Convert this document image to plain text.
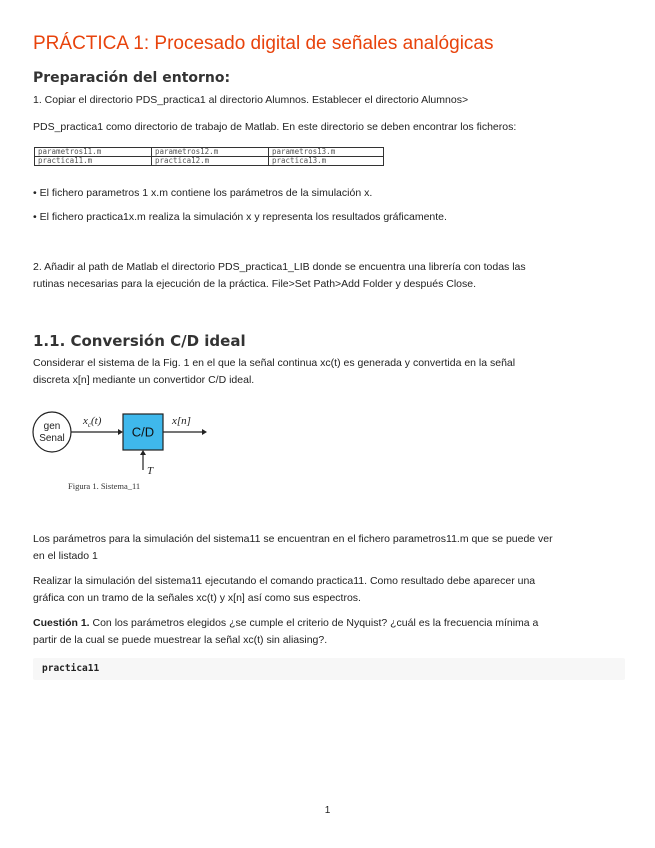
PRÁCTICA 1: Procesado digital de señales analógicas
Preparación del entorno:
1. Copiar el directorio PDS_practica1 al directorio Alumnos. Establecer el directorio Alumnos>
PDS_practica1 como directorio de trabajo de Matlab. En este directorio se deben encontrar los ficheros:
parametros11.m	parametros12.m	parametros13.m
practica11.m	practica12.m	practica13.m
• El fichero parametros 1 x.m contiene los parámetros de la simulación x.
• El fichero practica1x.m realiza la simulación x y representa los resultados gráficamente.
2. Añadir al path de Matlab el directorio PDS_practica1_LIB donde se encuentra una librería con todas las
rutinas necesarias para la ejecución de la práctica. File>Set Path>Add Folder y después Close.
1.1. Conversión C/D ideal
Considerar el sistema de la Fig. 1 en el que la señal continua xc(t) es generada y convertida en la señal
discreta x[n] mediante un convertidor C/D ideal.
gen
Senal
$x_c(t)$
C/D
x[n]
T
Figura 1. Sistema_11
Los parámetros para la simulación del sistema11 se encuentran en el fichero parametros11.m que se puede ver
en el listado 1
Realizar la simulación del sistema11 ejecutando el comando practica11. Como resultado debe aparecer una
gráfica con un tramo de la señales xc(t) y x[n] así como sus espectros.
Cuestión 1. Con los parámetros elegidos ¿se cumple el criterio de Nyquist? ¿cuál es la frecuencia mínima a
partir de la cual se puede muestrear la señal xc(t) sin aliasing?.
practica11
1
